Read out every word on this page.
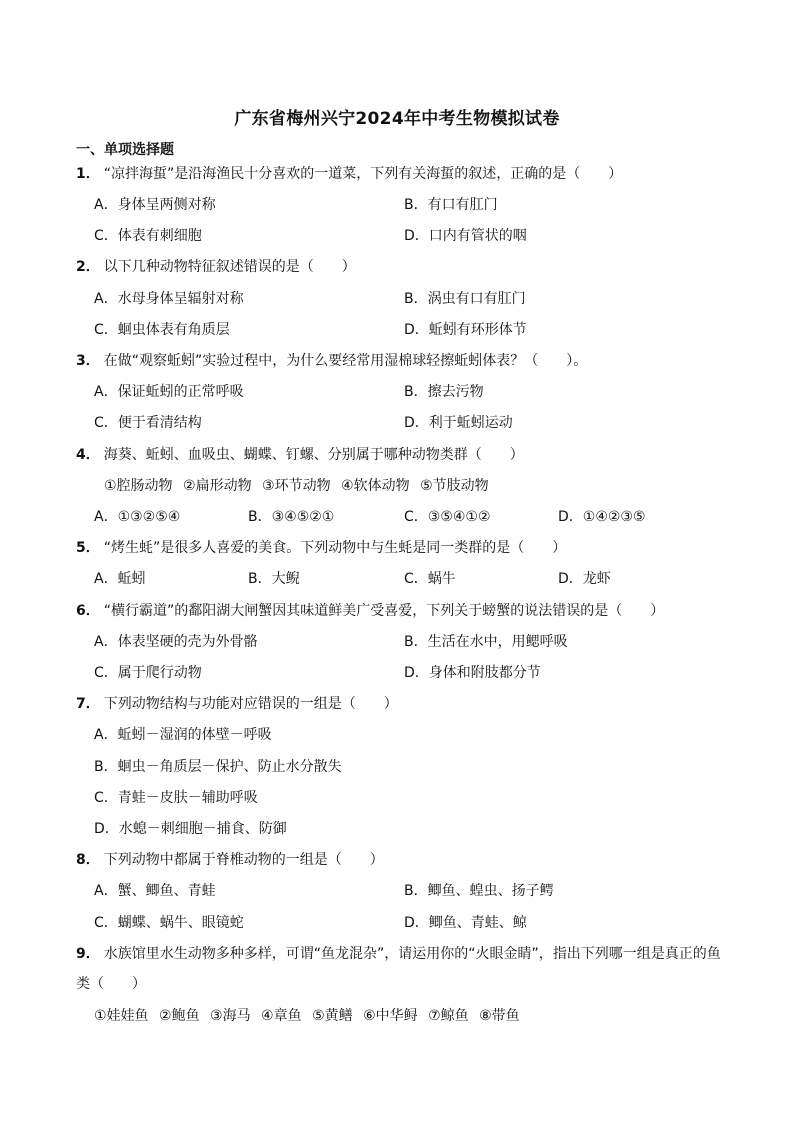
广东省梅州兴宁2024年中考生物模拟试卷
一、单项选择题
1． “凉拌海蜇”是沿海渔民十分喜欢的一道菜，下列有关海蜇的叙述，正确的是（　　）
A．身体呈两侧对称	B．有口有肛门
C．体表有刺细胞	D．口内有管状的咽
2． 以下几种动物特征叙述错误的是（　　）
A．水母身体呈辐射对称	B．涡虫有口有肛门
C．蛔虫体表有角质层	D．蚯蚓有环形体节
3． 在做“观察蚯蚓”实验过程中，为什么要经常用湿棉球轻擦蚯蚓体表？（　　）。
A．保证蚯蚓的正常呼吸	B．擦去污物
C．便于看清结构	D．利于蚯蚓运动
4． 海葵、蚯蚓、血吸虫、蝴蝶、钉螺、分别属于哪种动物类群（　　）
①腔肠动物 ②扁形动物 ③环节动物 ④软体动物 ⑤节肢动物
A．①③②⑤④	B．③④⑤②①	C．③⑤④①②	D．①④②③⑤
5． “烤生蚝”是很多人喜爱的美食。下列动物中与生蚝是同一类群的是（　　）
A．蚯蚓	B．大鲵	C．蜗牛	D．龙虾
6． “横行霸道”的鄱阳湖大闸蟹因其味道鲜美广受喜爱，下列关于螃蟹的说法错误的是（　　）
A．体表坚硬的壳为外骨骼	B．生活在水中，用鳃呼吸
C．属于爬行动物	D．身体和附肢都分节
7． 下列动物结构与功能对应错误的一组是（　　）
A．蚯蚓－湿润的体壁－呼吸
B．蛔虫－角质层－保护、防止水分散失
C．青蛙－皮肤－辅助呼吸
D．水螅－刺细胞－捕食、防御
8． 下列动物中都属于脊椎动物的一组是（　　）
A．蟹、鲫鱼、青蛙	B．鲫鱼、蝗虫、扬子鳄
C．蝴蝶、蜗牛、眼镜蛇	D．鲫鱼、青蛙、鲸
9． 水族馆里水生动物多种多样，可谓“鱼龙混杂”，请运用你的“火眼金睛”，指出下列哪一组是真正的鱼类（　　）
①娃娃鱼 ②鲍鱼 ③海马 ④章鱼 ⑤黄鳝 ⑥中华鲟 ⑦鲸鱼 ⑧带鱼
